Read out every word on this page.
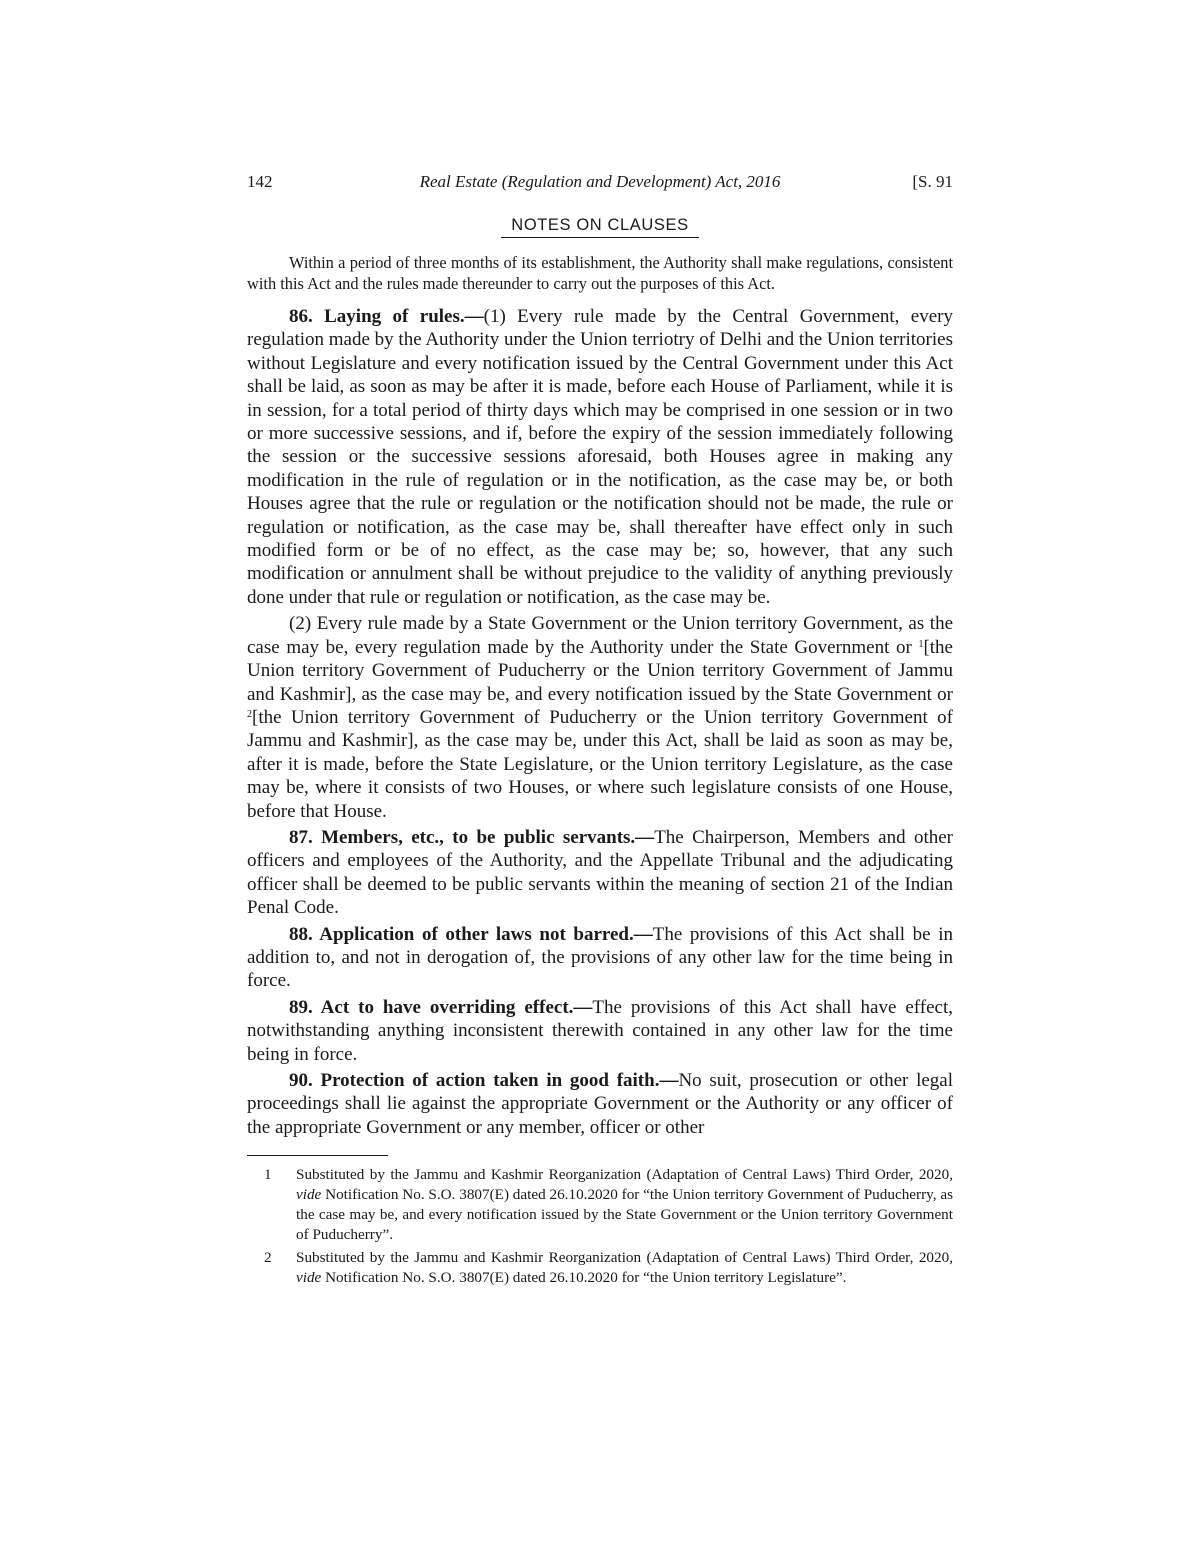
142	Real Estate (Regulation and Development) Act, 2016	[S. 91
NOTES ON CLAUSES

Within a period of three months of its establishment, the Authority shall make regulations, consistent with this Act and the rules made thereunder to carry out the purposes of this Act.

86. Laying of rules.—(1) Every rule made by the Central Government, every regulation made by the Authority under the Union terriotry of Delhi and the Union territories without Legislature and every notification issued by the Central Government under this Act shall be laid, as soon as may be after it is made, before each House of Parliament, while it is in session, for a total period of thirty days which may be comprised in one session or in two or more successive sessions, and if, before the expiry of the session immediately following the session or the successive sessions aforesaid, both Houses agree in making any modification in the rule of regulation or in the notification, as the case may be, or both Houses agree that the rule or regulation or the notification should not be made, the rule or regulation or notification, as the case may be, shall thereafter have effect only in such modified form or be of no effect, as the case may be; so, however, that any such modification or annulment shall be without prejudice to the validity of anything previously done under that rule or regulation or notification, as the case may be.

(2) Every rule made by a State Government or the Union territory Government, as the case may be, every regulation made by the Authority under the State Government or $^1$[the Union territory Government of Puducherry or the Union territory Government of Jammu and Kashmir], as the case may be, and every notification issued by the State Government or $^2$[the Union territory Government of Puducherry or the Union territory Government of Jammu and Kashmir], as the case may be, under this Act, shall be laid as soon as may be, after it is made, before the State Legislature, or the Union territory Legislature, as the case may be, where it consists of two Houses, or where such legislature consists of one House, before that House.

87. Members, etc., to be public servants.—The Chairperson, Members and other officers and employees of the Authority, and the Appellate Tribunal and the adjudicating officer shall be deemed to be public servants within the meaning of section 21 of the Indian Penal Code.

88. Application of other laws not barred.—The provisions of this Act shall be in addition to, and not in derogation of, the provisions of any other law for the time being in force.

89. Act to have overriding effect.—The provisions of this Act shall have effect, notwithstanding anything inconsistent therewith contained in any other law for the time being in force.

90. Protection of action taken in good faith.—No suit, prosecution or other legal proceedings shall lie against the appropriate Government or the Authority or any officer of the appropriate Government or any member, officer or other

1 Substituted by the Jammu and Kashmir Reorganization (Adaptation of Central Laws) Third Order, 2020, vide Notification No. S.O. 3807(E) dated 26.10.2020 for “the Union territory Government of Puducherry, as the case may be, and every notification issued by the State Government or the Union territory Government of Puducherry”.
2 Substituted by the Jammu and Kashmir Reorganization (Adaptation of Central Laws) Third Order, 2020, vide Notification No. S.O. 3807(E) dated 26.10.2020 for “the Union territory Legislature”.
